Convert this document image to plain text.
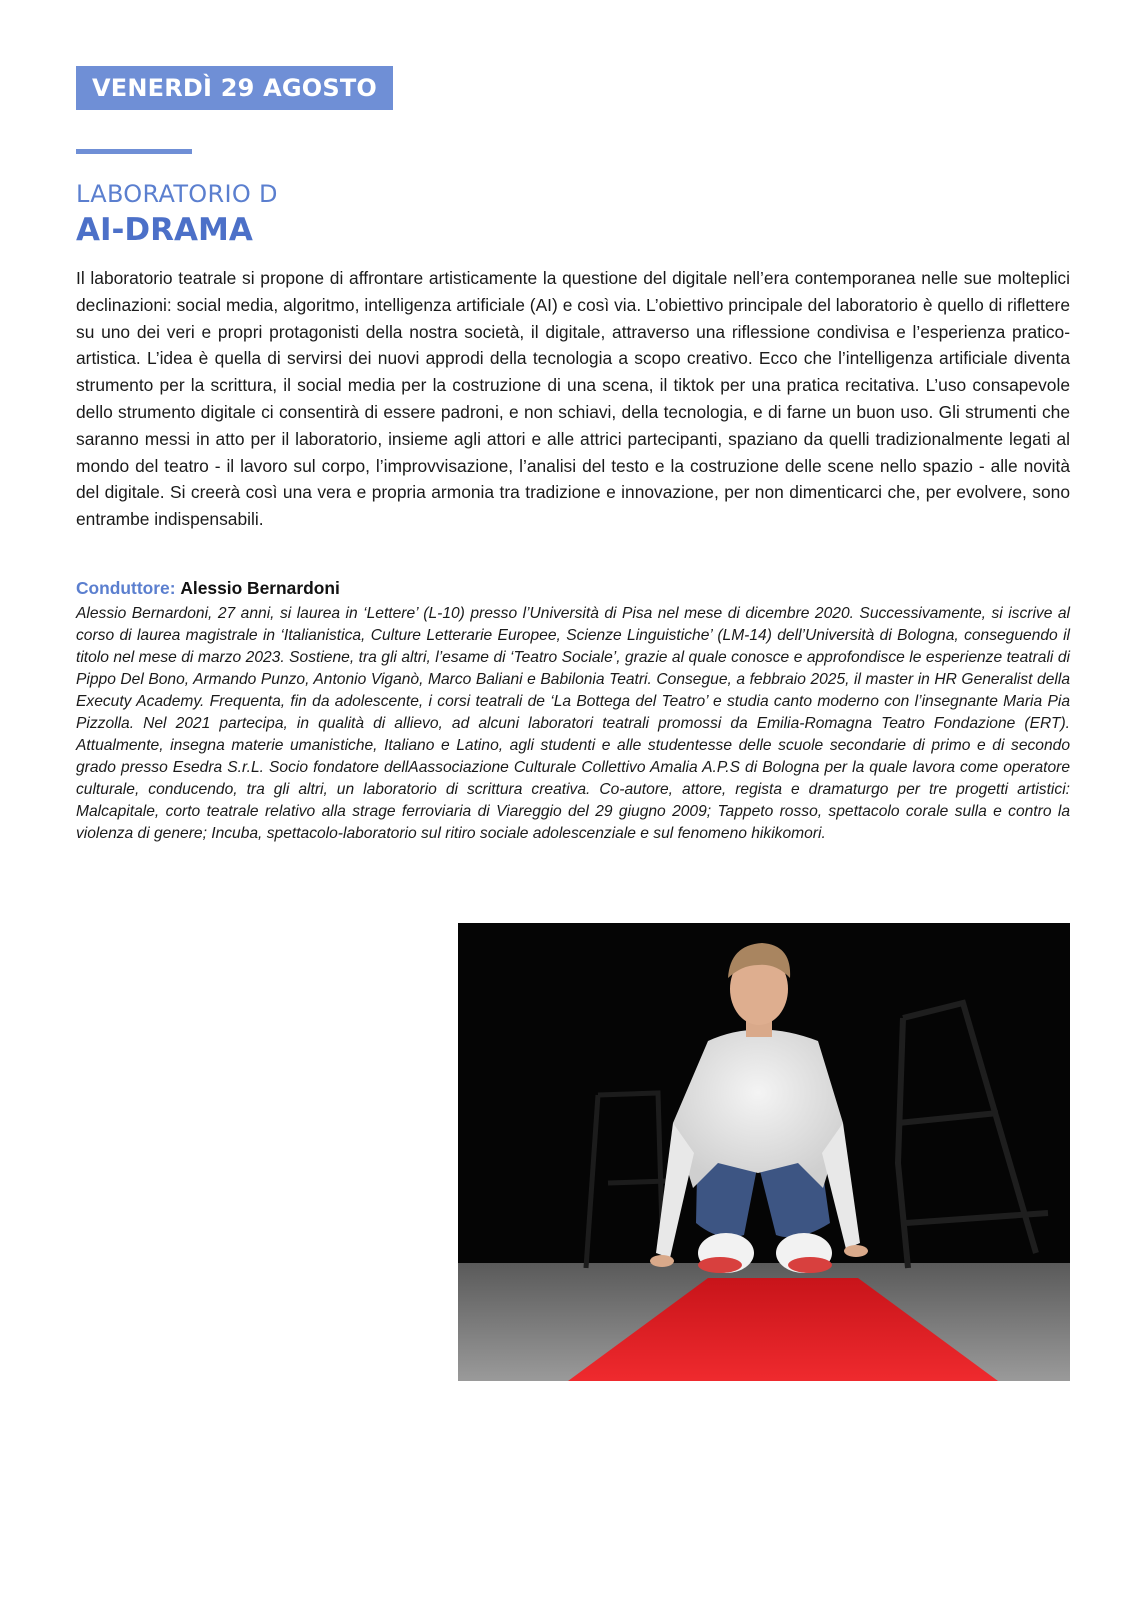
VENERDÌ 29 AGOSTO
LABORATORIO D
AI-DRAMA

Il laboratorio teatrale si propone di affrontare artisticamente la questione del digitale nell’era contemporanea nelle sue molteplici declinazioni: social media, algoritmo, intelligenza artificiale (AI) e così via. L’obiettivo principale del laboratorio è quello di riflettere su uno dei veri e propri protagonisti della nostra società, il digitale, attraverso una riflessione condivisa e l’esperienza pratico-artistica. L’idea è quella di servirsi dei nuovi approdi della tecnologia a scopo creativo. Ecco che l’intelligenza artificiale diventa strumento per la scrittura, il social media per la costruzione di una scena, il tiktok per una pratica recitativa. L’uso consapevole dello strumento digitale ci consentirà di essere padroni, e non schiavi, della tecnologia, e di farne un buon uso. Gli strumenti che saranno messi in atto per il laboratorio, insieme agli attori e alle attrici partecipanti, spaziano da quelli tradizionalmente legati al mondo del teatro - il lavoro sul corpo, l’improvvisazione, l’analisi del testo e la costruzione delle scene nello spazio - alle novità del digitale. Si creerà così una vera e propria armonia tra tradizione e innovazione, per non dimenticarci che, per evolvere, sono entrambe indispensabili.

Conduttore: Alessio Bernardoni

Alessio Bernardoni, 27 anni, si laurea in ‘Lettere’ (L-10) presso l’Università di Pisa nel mese di dicembre 2020. Successivamente, si iscrive al corso di laurea magistrale in ‘Italianistica, Culture Letterarie Europee, Scienze Linguistiche’ (LM-14) dell’Università di Bologna, conseguendo il titolo nel mese di marzo 2023. Sostiene, tra gli altri, l’esame di ‘Teatro Sociale’, grazie al quale conosce e approfondisce le esperienze teatrali di Pippo Del Bono, Armando Punzo, Antonio Viganò, Marco Baliani e Babilonia Teatri. Consegue, a febbraio 2025, il master in HR Generalist della Executy Academy. Frequenta, fin da adolescente, i corsi teatrali de ‘La Bottega del Teatro’ e studia canto moderno con l’insegnante Maria Pia Pizzolla. Nel 2021 partecipa, in qualità di allievo, ad alcuni laboratori teatrali promossi da Emilia-Romagna Teatro Fondazione (ERT). Attualmente, insegna materie umanistiche, Italiano e Latino, agli studenti e alle studentesse delle scuole secondarie di primo e di secondo grado presso Esedra S.r.L. Socio fondatore dellAassociazione Culturale Collettivo Amalia A.P.S di Bologna per la quale lavora come operatore culturale, conducendo, tra gli altri, un laboratorio di scrittura creativa. Co-autore, attore, regista e dramaturgo per tre progetti artistici: Malcapitale, corto teatrale relativo alla strage ferroviaria di Viareggio del 29 giugno 2009; Tappeto rosso, spettacolo corale sulla e contro la violenza di genere; Incuba, spettacolo-laboratorio sul ritiro sociale adolescenziale e sul fenomeno hikikomori.
